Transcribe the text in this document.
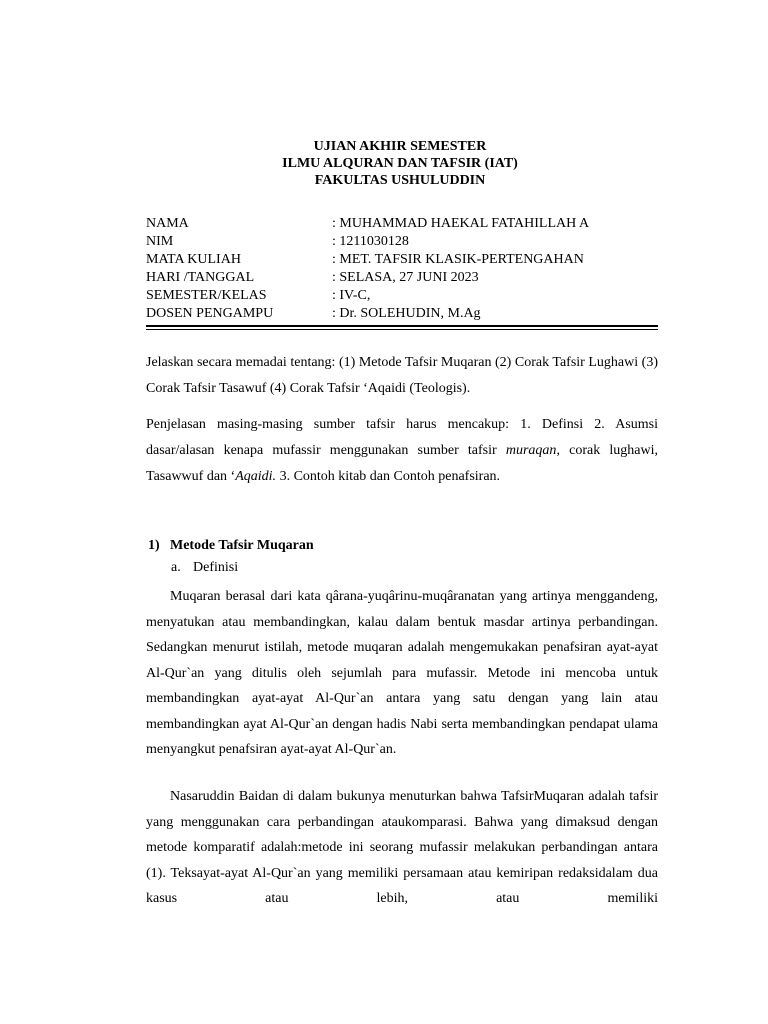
UJIAN AKHIR SEMESTER
ILMU ALQURAN DAN TAFSIR (IAT)
FAKULTAS USHULUDDIN
NAMA	: MUHAMMAD HAEKAL FATAHILLAH A
NIM	: 1211030128
MATA KULIAH	: MET. TAFSIR KLASIK-PERTENGAHAN
HARI /TANGGAL	: SELASA, 27 JUNI 2023
SEMESTER/KELAS	: IV-C,
DOSEN PENGAMPU	: Dr. SOLEHUDIN, M.Ag
Jelaskan secara memadai tentang: (1) Metode Tafsir Muqaran (2) Corak Tafsir Lughawi (3) Corak Tafsir Tasawuf (4) Corak Tafsir ‘Aqaidi (Teologis).
Penjelasan masing-masing sumber tafsir harus mencakup: 1. Definsi 2. Asumsi dasar/alasan kenapa mufassir menggunakan sumber tafsir muraqan, corak lughawi, Tasawwuf dan ‘Aqaidi. 3. Contoh kitab dan Contoh penafsiran.
1) Metode Tafsir Muqaran
a. Definisi
Muqaran berasal dari kata qârana-yuqârinu-muqâranatan yang artinya menggandeng, menyatukan atau membandingkan, kalau dalam bentuk masdar artinya perbandingan. Sedangkan menurut istilah, metode muqaran adalah mengemukakan penafsiran ayat-ayat Al-Qur`an yang ditulis oleh sejumlah para mufassir. Metode ini mencoba untuk membandingkan ayat-ayat Al-Qur`an antara yang satu dengan yang lain atau membandingkan ayat Al-Qur`an dengan hadis Nabi serta membandingkan pendapat ulama menyangkut penafsiran ayat-ayat Al-Qur`an.
Nasaruddin Baidan di dalam bukunya menuturkan bahwa TafsirMuqaran adalah tafsir yang menggunakan cara perbandingan ataukomparasi. Bahwa yang dimaksud dengan metode komparatif adalah:metode ini seorang mufassir melakukan perbandingan antara (1). Teksayat-ayat Al-Qur`an yang memiliki persamaan atau kemiripan redaksidalam dua kasus atau lebih, atau memiliki
